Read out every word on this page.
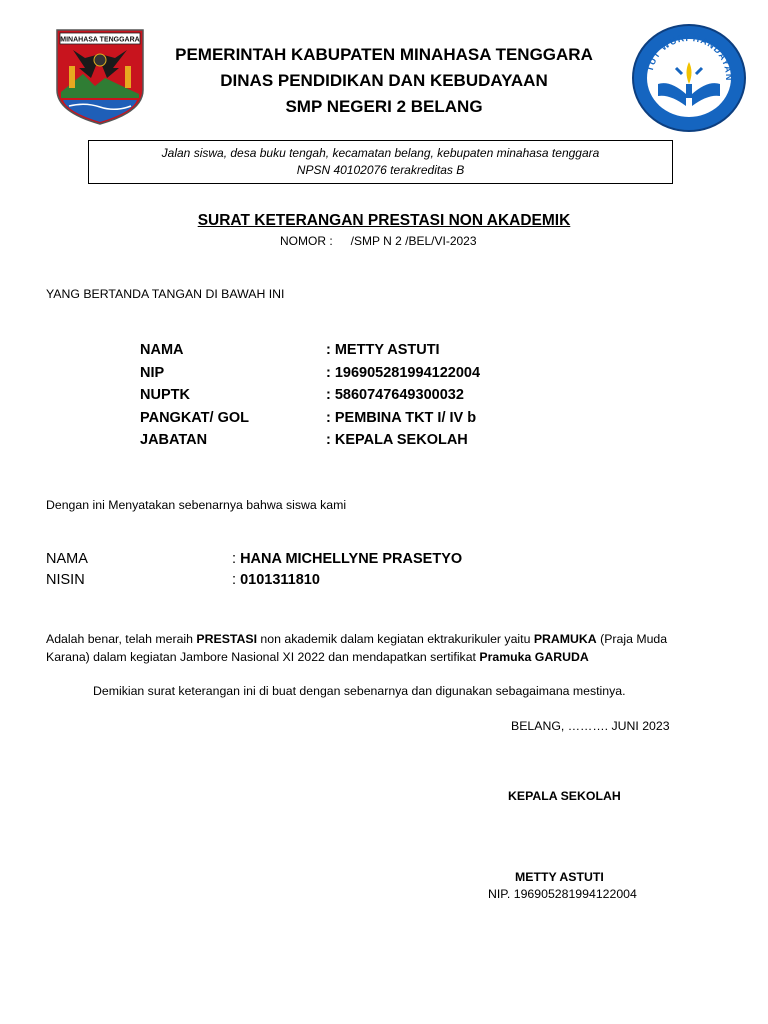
MINAHASA TENGGARA
TUT WURI HANDAYAN
PEMERINTAH KABUPATEN MINAHASA TENGGARA
DINAS PENDIDIKAN DAN KEBUDAYAAN
SMP NEGERI 2 BELANG
Jalan siswa, desa buku tengah, kecamatan belang, kebupaten minahasa tenggara
NPSN 40102076 terakreditas B
SURAT KETERANGAN PRESTASI NON AKADEMIK
NOMOR : /SMP N 2 /BEL/VI-2023
YANG BERTANDA TANGAN DI BAWAH INI
NAMA	: METTY ASTUTI
NIP	: 196905281994122004
NUPTK	: 5860747649300032
PANGKAT/ GOL	: PEMBINA TKT I/ IV b
JABATAN	: KEPALA SEKOLAH
Dengan ini Menyatakan sebenarnya bahwa siswa kami
NAMA	: HANA MICHELLYNE PRASETYO
NISIN	: 0101311810
Adalah benar, telah meraih PRESTASI non akademik dalam kegiatan ektrakurikuler yaitu PRAMUKA (Praja Muda Karana) dalam kegiatan Jambore Nasional XI 2022 dan mendapatkan sertifikat Pramuka GARUDA
Demikian surat keterangan ini di buat dengan sebenarnya dan digunakan sebagaimana mestinya.
BELANG, ………. JUNI 2023
KEPALA SEKOLAH
METTY ASTUTI
NIP. 196905281994122004
